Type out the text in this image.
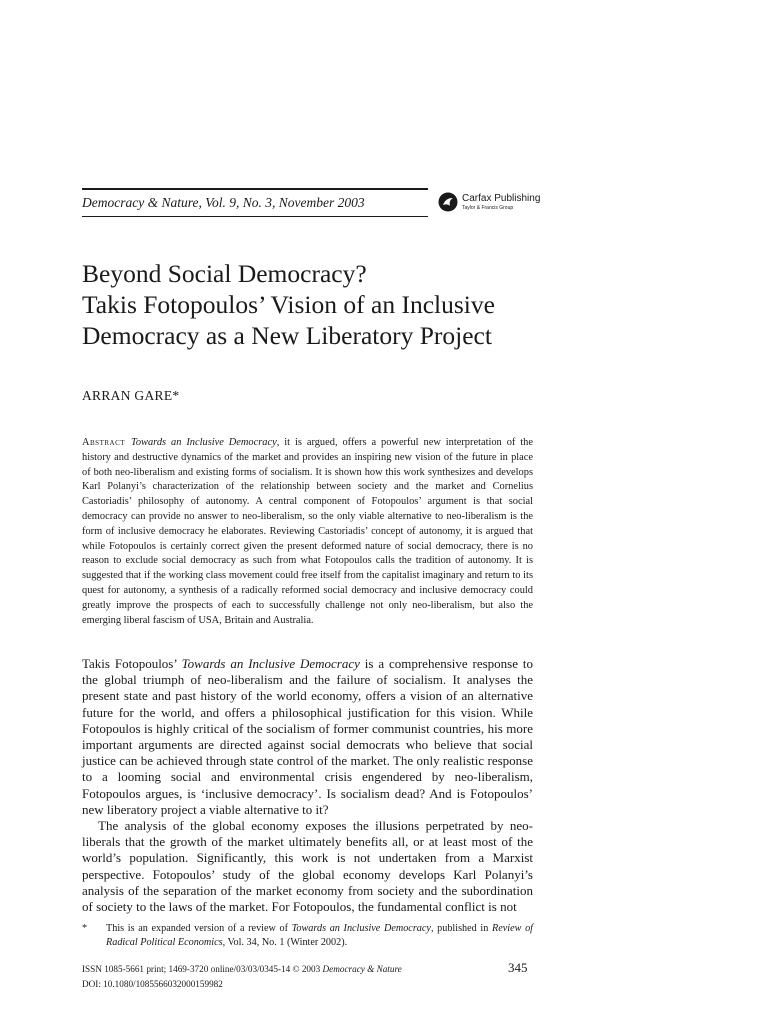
Democracy & Nature, Vol. 9, No. 3, November 2003	Carfax Publishing
Taylor & Francis Group
Beyond Social Democracy?
Takis Fotopoulos’ Vision of an Inclusive
Democracy as a New Liberatory Project
ARRAN GARE*

Abstract Towards an Inclusive Democracy, it is argued, offers a powerful new interpretation of the history and destructive dynamics of the market and provides an inspiring new vision of the future in place of both neo-liberalism and existing forms of socialism. It is shown how this work synthesizes and develops Karl Polanyi’s characterization of the relationship between society and the market and Cornelius Castoriadis’ philosophy of autonomy. A central component of Fotopoulos’ argument is that social democracy can provide no answer to neo-liberalism, so the only viable alternative to neo-liberalism is the form of inclusive democracy he elaborates. Reviewing Castoriadis’ concept of autonomy, it is argued that while Fotopoulos is certainly correct given the present deformed nature of social democracy, there is no reason to exclude social democracy as such from what Fotopoulos calls the tradition of autonomy. It is suggested that if the working class movement could free itself from the capitalist imaginary and return to its quest for autonomy, a synthesis of a radically reformed social democracy and inclusive democracy could greatly improve the prospects of each to successfully challenge not only neo-liberalism, but also the emerging liberal fascism of USA, Britain and Australia.

Takis Fotopoulos’ Towards an Inclusive Democracy is a comprehensive response to the global triumph of neo-liberalism and the failure of socialism. It analyses the present state and past history of the world economy, offers a vision of an alternative future for the world, and offers a philosophical justification for this vision. While Fotopoulos is highly critical of the socialism of former communist countries, his more important arguments are directed against social democrats who believe that social justice can be achieved through state control of the market. The only realistic response to a looming social and environmental crisis engendered by neo-liberalism, Fotopoulos argues, is ‘inclusive democracy’. Is socialism dead? And is Fotopoulos’ new liberatory project a viable alternative to it?

The analysis of the global economy exposes the illusions perpetrated by neo-liberals that the growth of the market ultimately benefits all, or at least most of the world’s population. Significantly, this work is not undertaken from a Marxist perspective. Fotopoulos’ study of the global economy develops Karl Polanyi’s analysis of the separation of the market economy from society and the subordination of society to the laws of the market. For Fotopoulos, the fundamental conflict is not

* This is an expanded version of a review of Towards an Inclusive Democracy, published in Review of Radical Political Economics, Vol. 34, No. 1 (Winter 2002).
ISSN 1085-5661 print; 1469-3720 online/03/03/0345-14 © 2003 Democracy & Nature
DOI: 10.1080/1085566032000159982
345
